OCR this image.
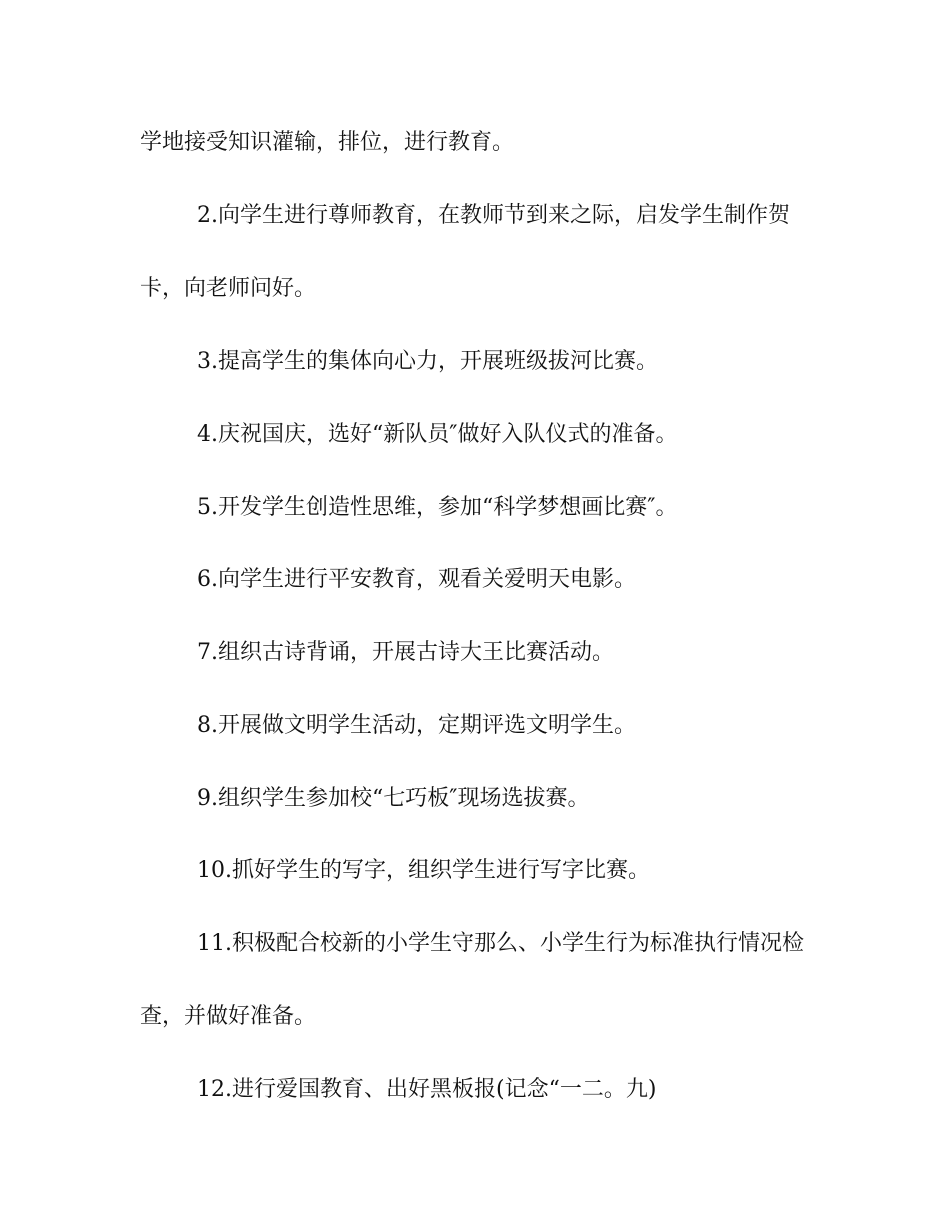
学地接受知识灌输，排位，进行教育。
2.向学生进行尊师教育，在教师节到来之际，启发学生制作贺
卡，向老师问好。
3.提高学生的集体向心力，开展班级拔河比赛。
4.庆祝国庆，选好“新队员″做好入队仪式的准备。
5.开发学生创造性思维，参加“科学梦想画比赛″。
6.向学生进行平安教育，观看关爱明天电影。
7.组织古诗背诵，开展古诗大王比赛活动。
8.开展做文明学生活动，定期评选文明学生。
9.组织学生参加校“七巧板″现场选拔赛。
10.抓好学生的写字，组织学生进行写字比赛。
11.积极配合校新的小学生守那么、小学生行为标准执行情况检
查，并做好准备。
12.进行爱国教育、出好黑板报(记念“一二。九)
